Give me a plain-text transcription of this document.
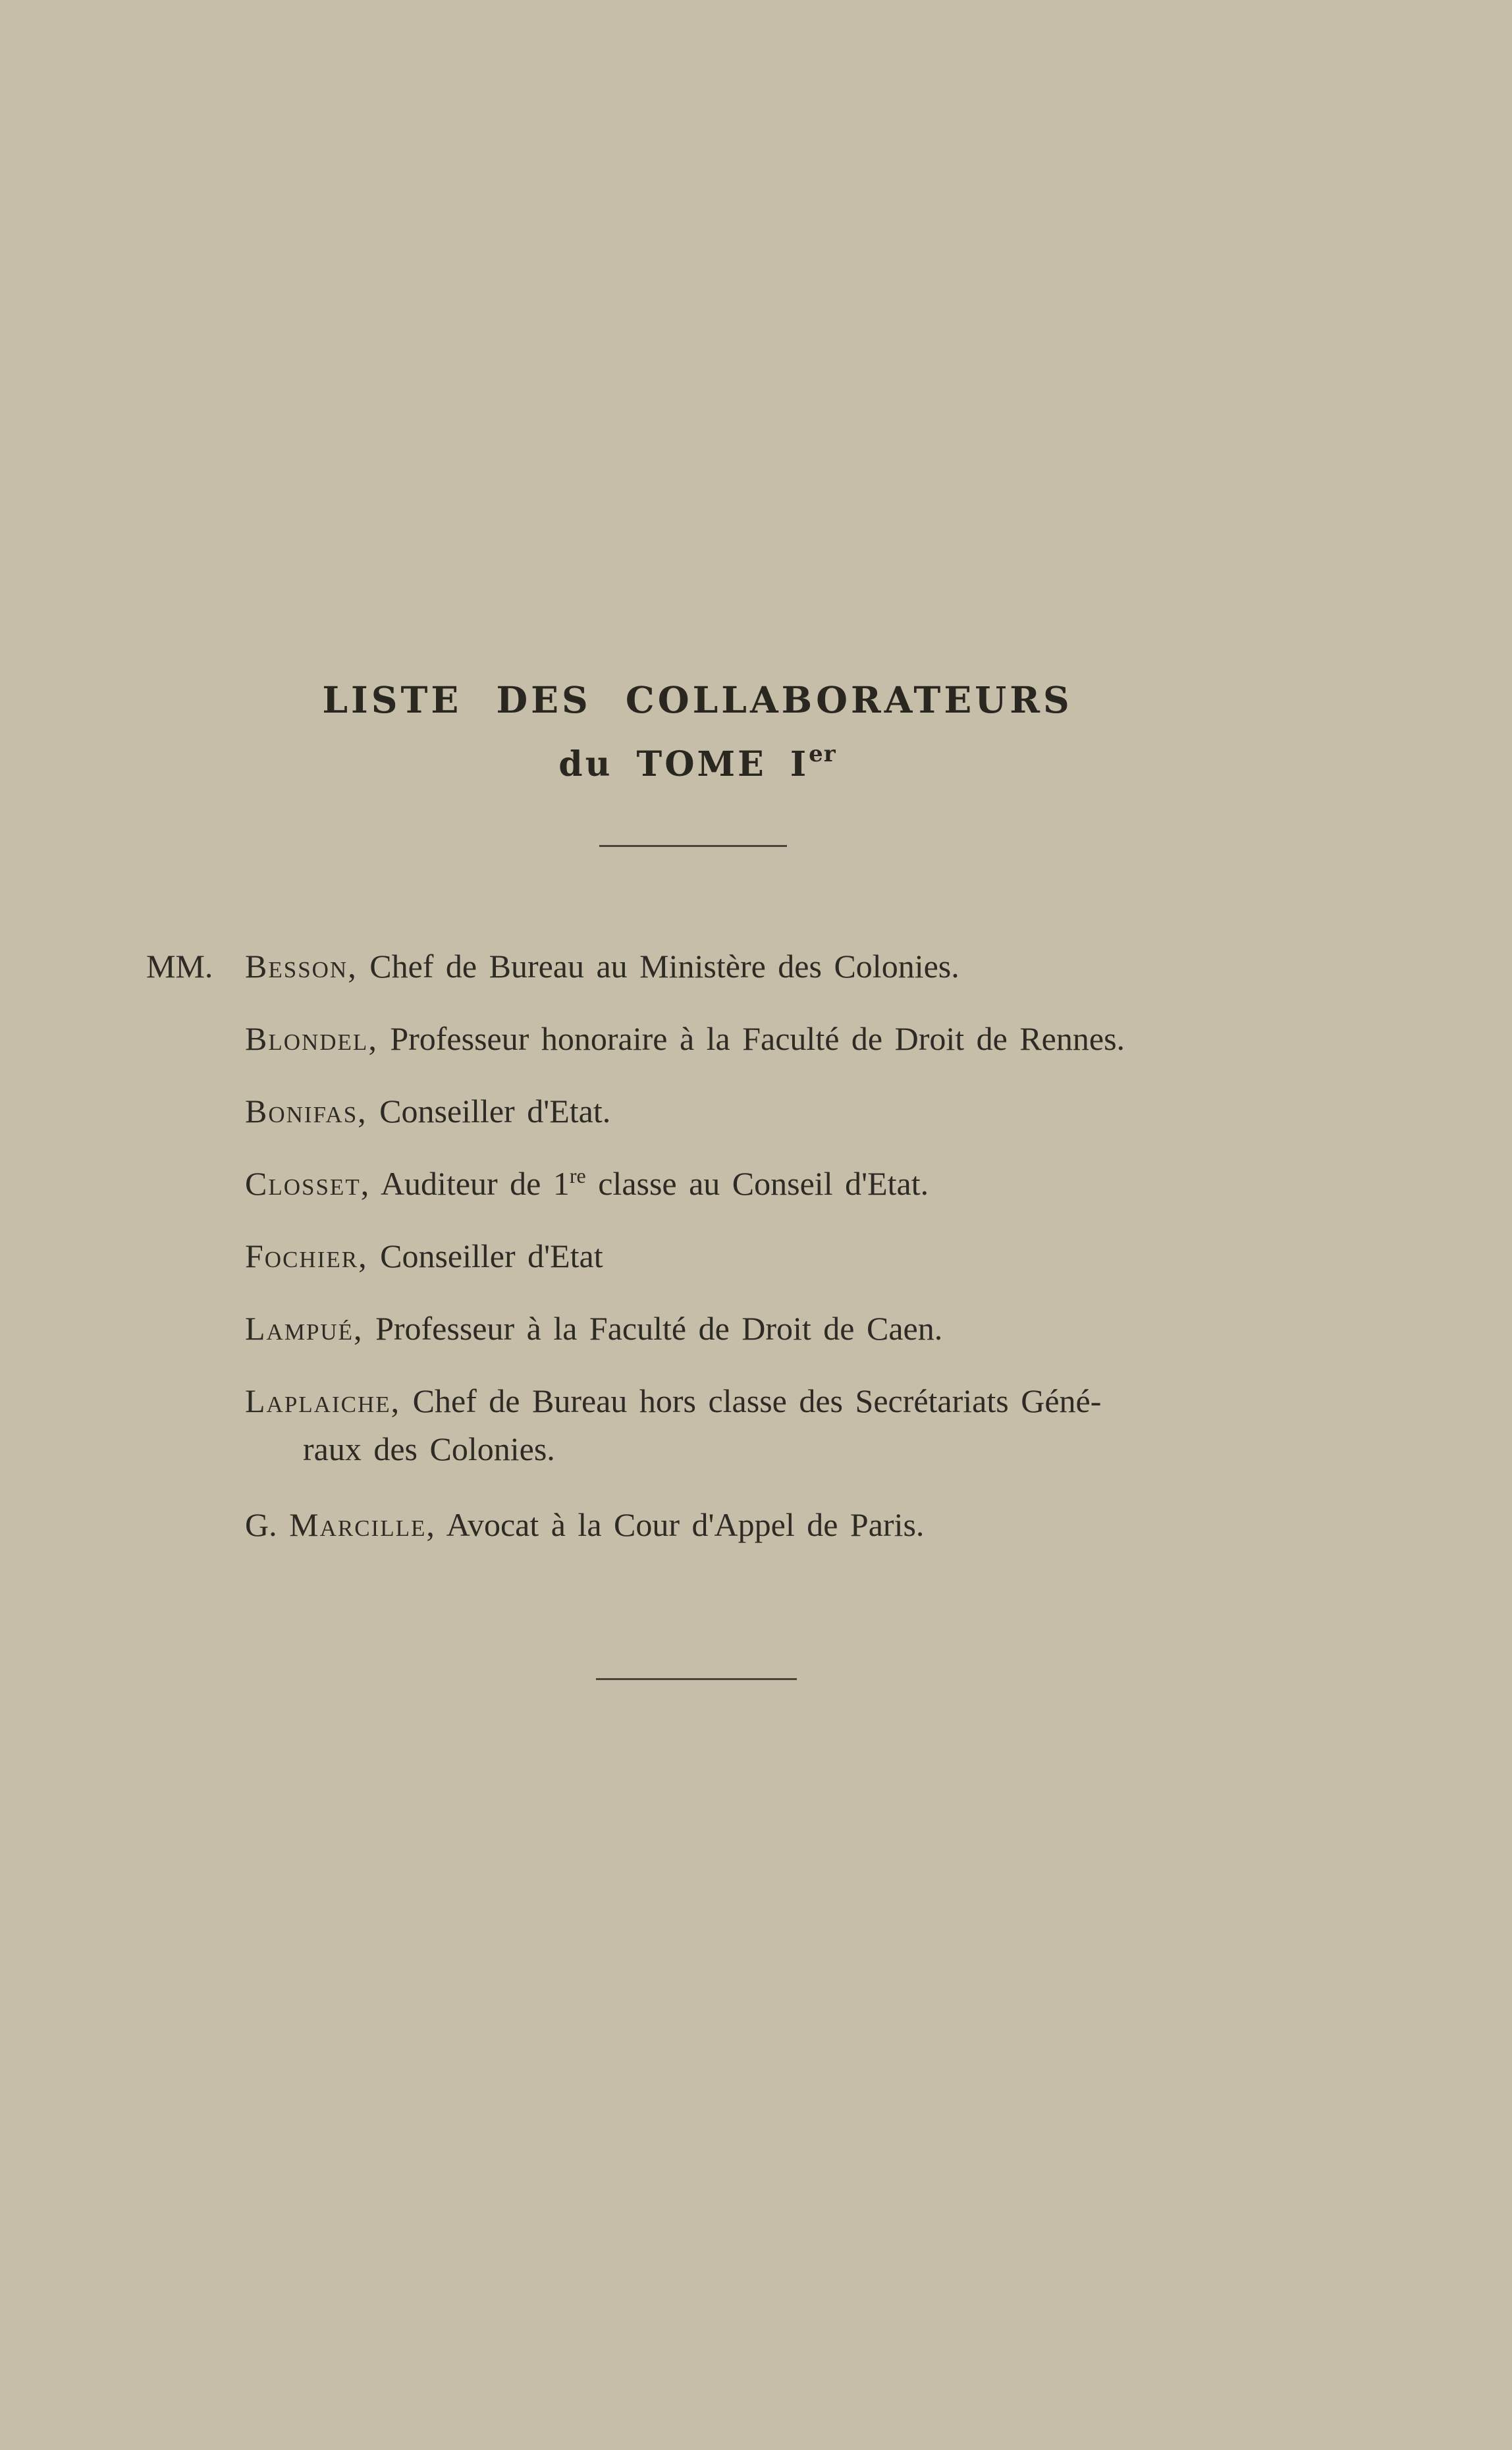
LISTE DES COLLABORATEURS
du TOME Ier
MM. Besson, Chef de Bureau au Ministère des Colonies.
Blondel, Professeur honoraire à la Faculté de Droit de Rennes.
Bonifas, Conseiller d'Etat.
Closset, Auditeur de 1re classe au Conseil d'Etat.
Fochier, Conseiller d'Etat
Lampué, Professeur à la Faculté de Droit de Caen.
Laplaiche, Chef de Bureau hors classe des Secrétariats Géné-
raux des Colonies.
G. Marcille, Avocat à la Cour d'Appel de Paris.
